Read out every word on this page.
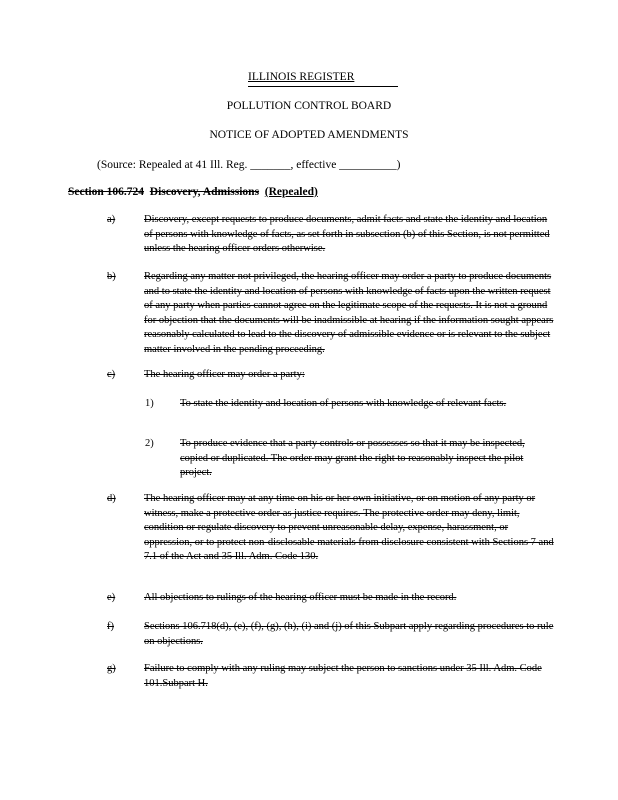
ILLINOIS REGISTER
POLLUTION CONTROL BOARD
NOTICE OF ADOPTED AMENDMENTS
(Source: Repealed at 41 Ill. Reg. _______, effective __________)
Section 106.724 Discovery, Admissions (Repealed)
a)	Discovery, except requests to produce documents, admit facts and state the identity and location of persons with knowledge of facts, as set forth in subsection (b) of this Section, is not permitted unless the hearing officer orders otherwise.
b)	Regarding any matter not privileged, the hearing officer may order a party to produce documents and to state the identity and location of persons with knowledge of facts upon the written request of any party when parties cannot agree on the legitimate scope of the requests. It is not a ground for objection that the documents will be inadmissible at hearing if the information sought appears reasonably calculated to lead to the discovery of admissible evidence or is relevant to the subject matter involved in the pending proceeding.
c)	The hearing officer may order a party:
1)	To state the identity and location of persons with knowledge of relevant facts.
2)	To produce evidence that a party controls or possesses so that it may be inspected, copied or duplicated. The order may grant the right to reasonably inspect the pilot project.
d)	The hearing officer may at any time on his or her own initiative, or on motion of any party or witness, make a protective order as justice requires. The protective order may deny, limit, condition or regulate discovery to prevent unreasonable delay, expense, harassment, or oppression, or to protect non-disclosable materials from disclosure consistent with Sections 7 and 7.1 of the Act and 35 Ill. Adm. Code 130.
e)	All objections to rulings of the hearing officer must be made in the record.
f)	Sections 106.718(d), (e), (f), (g), (h), (i) and (j) of this Subpart apply regarding procedures to rule on objections.
g)	Failure to comply with any ruling may subject the person to sanctions under 35 Ill. Adm. Code 101.Subpart H.
